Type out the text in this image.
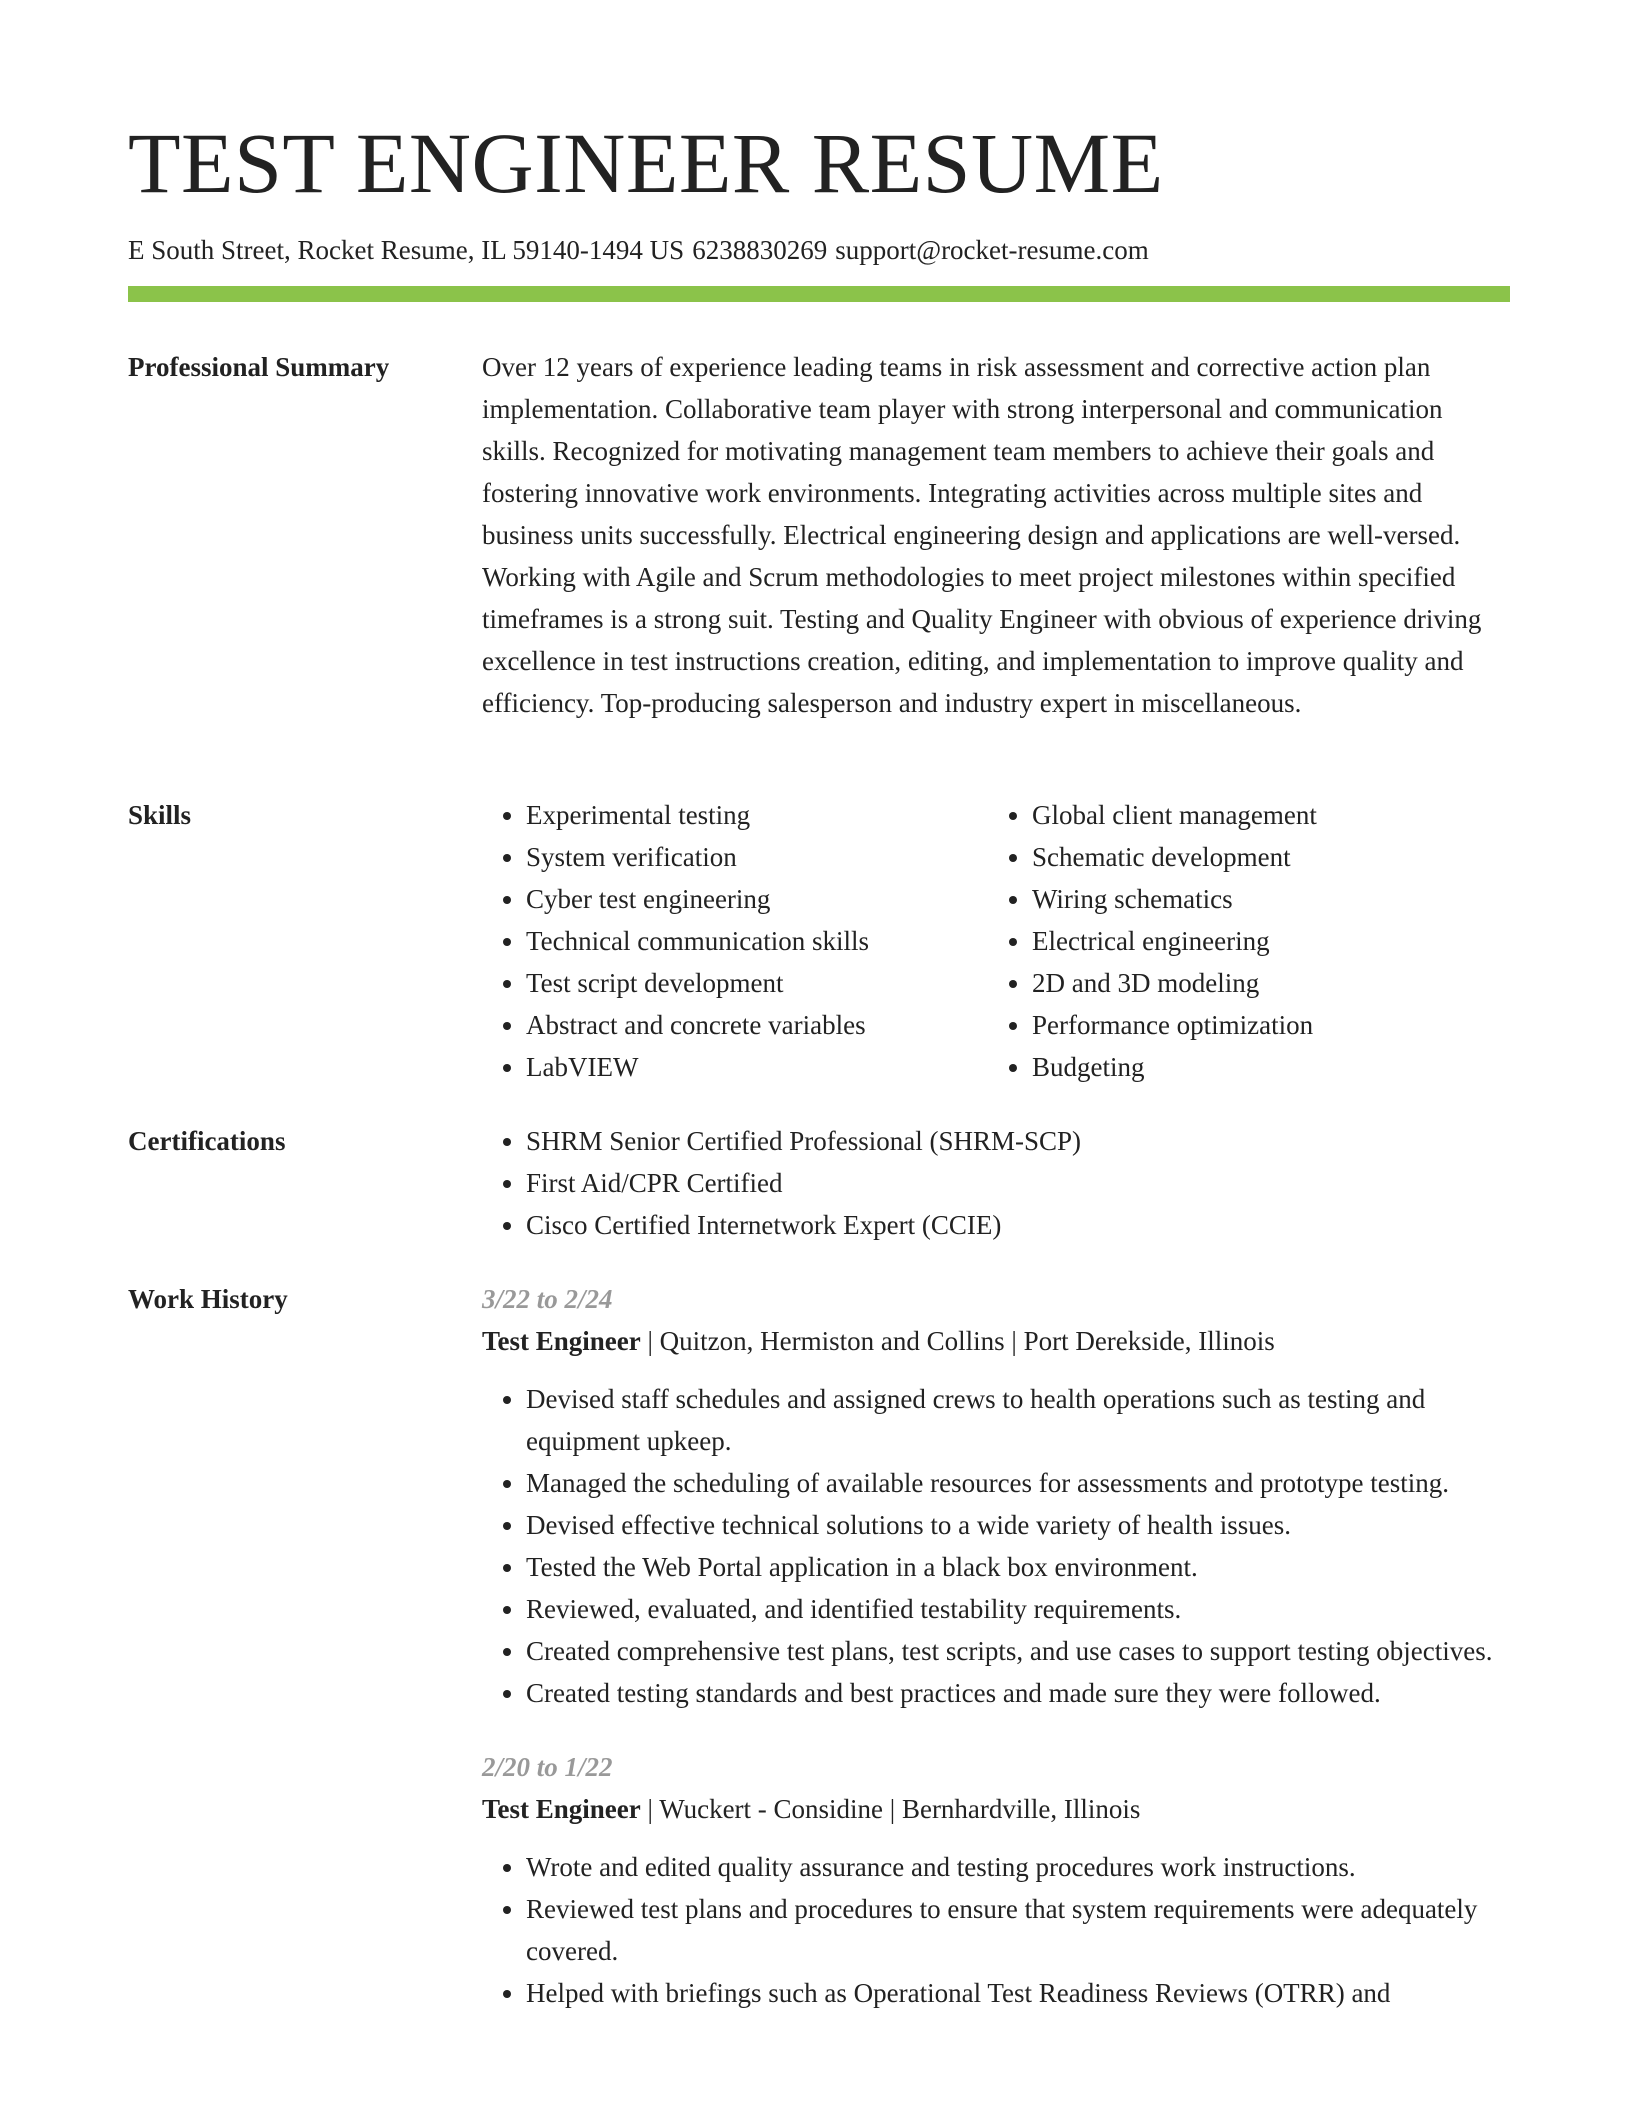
TEST ENGINEER RESUME
E South Street, Rocket Resume, IL 59140-1494 US 6238830269 support@rocket-resume.com
Professional Summary	Over 12 years of experience leading teams in risk assessment and corrective action plan implementation. Collaborative team player with strong interpersonal and communication skills. Recognized for motivating management team members to achieve their goals and fostering innovative work environments. Integrating activities across multiple sites and business units successfully. Electrical engineering design and applications are well-versed. Working with Agile and Scrum methodologies to meet project milestones within specified timeframes is a strong suit. Testing and Quality Engineer with obvious of experience driving excellence in test instructions creation, editing, and implementation to improve quality and efficiency. Top-producing salesperson and industry expert in miscellaneous.

Skills	• Experimental testing
• System verification
• Cyber test engineering
• Technical communication skills
• Test script development
• Abstract and concrete variables
• LabVIEW
• Global client management
• Schematic development
• Wiring schematics
• Electrical engineering
• 2D and 3D modeling
• Performance optimization
• Budgeting
Certifications	• SHRM Senior Certified Professional (SHRM-SCP)
• First Aid/CPR Certified
• Cisco Certified Internetwork Expert (CCIE)
Work History	3/22 to 2/24
Test Engineer | Quitzon, Hermiston and Collins | Port Derekside, Illinois
• Devised staff schedules and assigned crews to health operations such as testing and equipment upkeep.
• Managed the scheduling of available resources for assessments and prototype testing.
• Devised effective technical solutions to a wide variety of health issues.
• Tested the Web Portal application in a black box environment.
• Reviewed, evaluated, and identified testability requirements.
• Created comprehensive test plans, test scripts, and use cases to support testing objectives.
• Created testing standards and best practices and made sure they were followed.
2/20 to 1/22
Test Engineer | Wuckert - Considine | Bernhardville, Illinois
• Wrote and edited quality assurance and testing procedures work instructions.
• Reviewed test plans and procedures to ensure that system requirements were adequately covered.
• Helped with briefings such as Operational Test Readiness Reviews (OTRR) and
